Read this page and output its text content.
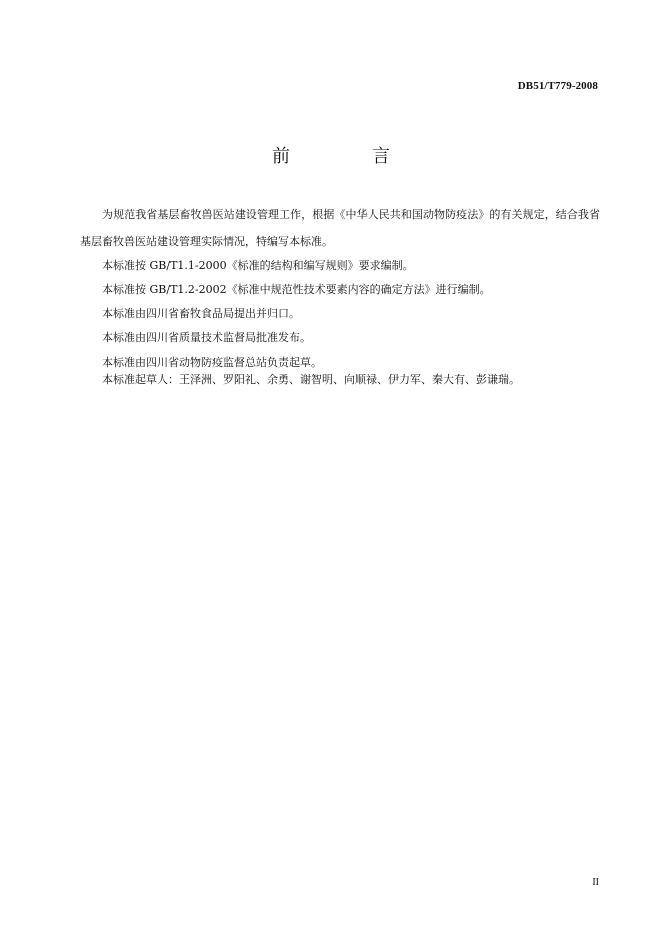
DB51/T779-2008
前　言
为规范我省基层畜牧兽医站建设管理工作，根据《中华人民共和国动物防疫法》的有关规定，结合我省基层畜牧兽医站建设管理实际情况，特编写本标准。
本标准按 GB/T1.1-2000《标准的结构和编写规则》要求编制。
本标准按 GB/T1.2-2002《标准中规范性技术要素内容的确定方法》进行编制。
本标准由四川省畜牧食品局提出并归口。
本标准由四川省质量技术监督局批准发布。
本标准由四川省动物防疫监督总站负责起草。
本标准起草人：王泽洲、罗阳礼、余勇、谢智明、向顺禄、伊力军、秦大有、彭谦瑞。
II
